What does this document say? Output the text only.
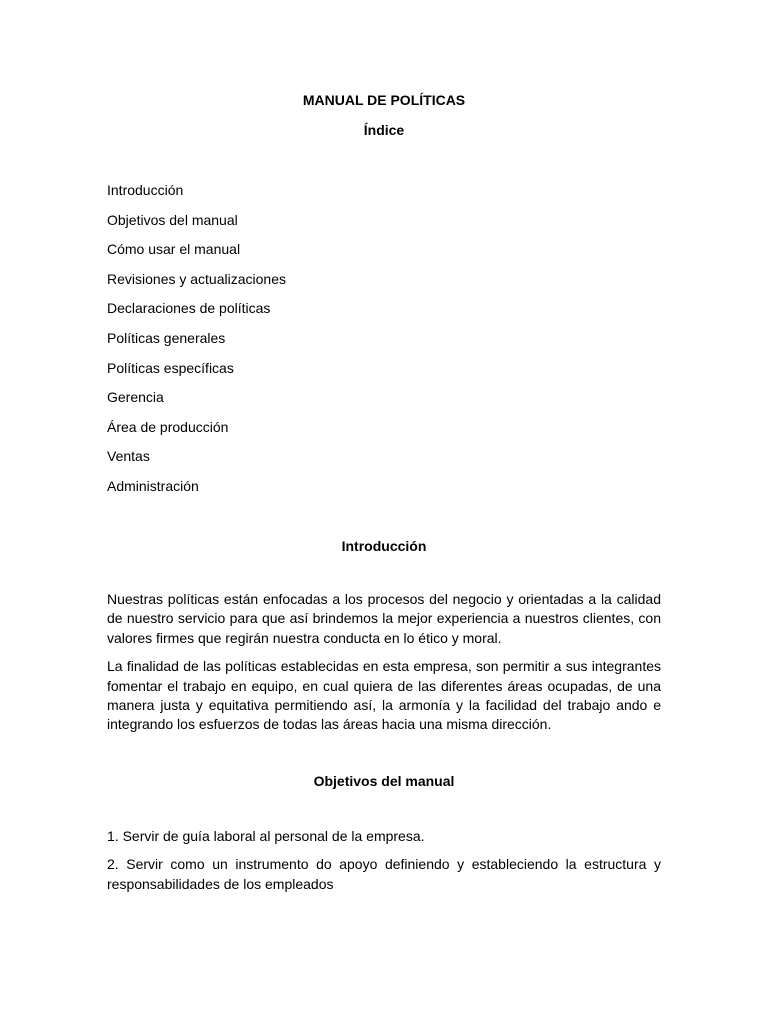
MANUAL DE POLÍTICAS
Índice
Introducción
Objetivos del manual
Cómo usar el manual
Revisiones y actualizaciones
Declaraciones de políticas
Políticas generales
Políticas específicas
Gerencia
Área de producción
Ventas
Administración
Introducción

Nuestras políticas están enfocadas a los procesos del negocio y orientadas a la calidad de nuestro servicio para que así brindemos la mejor experiencia a nuestros clientes, con valores firmes que regirán nuestra conducta en lo ético y moral.

La finalidad de las políticas establecidas en esta empresa, son permitir a sus integrantes fomentar el trabajo en equipo, en cual quiera de las diferentes áreas ocupadas, de una manera justa y equitativa permitiendo así, la armonía y la facilidad del trabajo ando e integrando los esfuerzos de todas las áreas hacia una misma dirección.

Objetivos del manual

1. Servir de guía laboral al personal de la empresa.

2. Servir como un instrumento do apoyo definiendo y estableciendo la estructura y responsabilidades de los empleados
